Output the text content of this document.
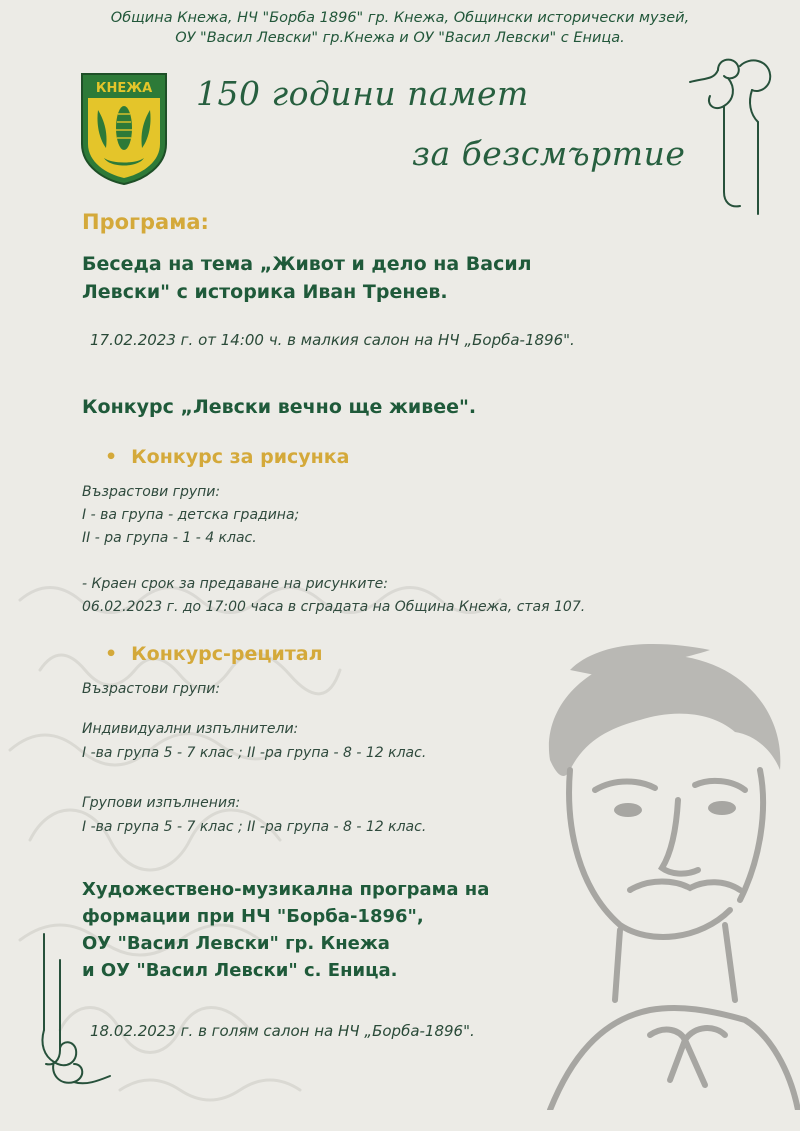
КНЕЖА
Община Кнежа, НЧ "Борба 1896" гр. Кнежа, Общински исторически музей,
ОУ "Васил Левски" гр.Кнежа и ОУ "Васил Левски" с Еница.
150 години памет
за безсмъртие
Програма:
Беседа на тема „Живот и дело на Васил
Левски" с историка Иван Тренев.
17.02.2023 г. от 14:00 ч. в малкия салон на НЧ „Борба-1896".
Конкурс „Левски вечно ще живее".
• Конкурс за рисунка
Възрастови групи:
I - ва група - детска градина;
II - ра група - 1 - 4 клас.
- Краен срок за предаване на рисунките:
06.02.2023 г. до 17:00 часа в сградата на Община Кнежа, стая 107.
• Конкурс-рецитал
Възрастови групи:
Индивидуални изпълнители:
I -ва група 5 - 7 клас ; II -ра група - 8 - 12 клас.
Групови изпълнения:
I -ва група 5 - 7 клас ; II -ра група - 8 - 12 клас.
Художествено-музикална програма на
формации при НЧ "Борба-1896",
ОУ "Васил Левски" гр. Кнежа
и ОУ "Васил Левски" с. Еница.
18.02.2023 г. в голям салон на НЧ „Борба-1896".
